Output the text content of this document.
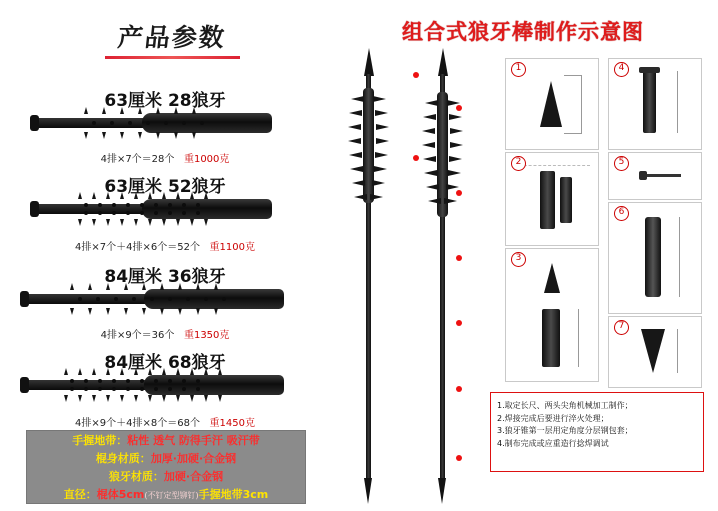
产品参数
63厘米 28狼牙
4排×7个＝28个 重1000克
63厘米 52狼牙
4排×7个＋4排×6个＝52个 重1100克
84厘米 36狼牙
4排×9个＝36个 重1350克
84厘米 68狼牙
4排×9个＋4排×8个＝68个 重1450克
手握地带：粘性 透气 防得手汗 吸汗带
棍身材质：加厚·加硬·合金钢
狼牙材质：加硬·合金钢
直径：棍体5cm(不钉定型铆钉)手握地带3cm
组合式狼牙棒制作示意图
1
2
3
4
5
6
7

1.取定长尺、两头尖角机械加工制作；

2.焊接完成后要进行淬火处理；

3.狼牙锥第一层用定角度分层钢包套；

4.制布完成或应重造行捻焊调试
